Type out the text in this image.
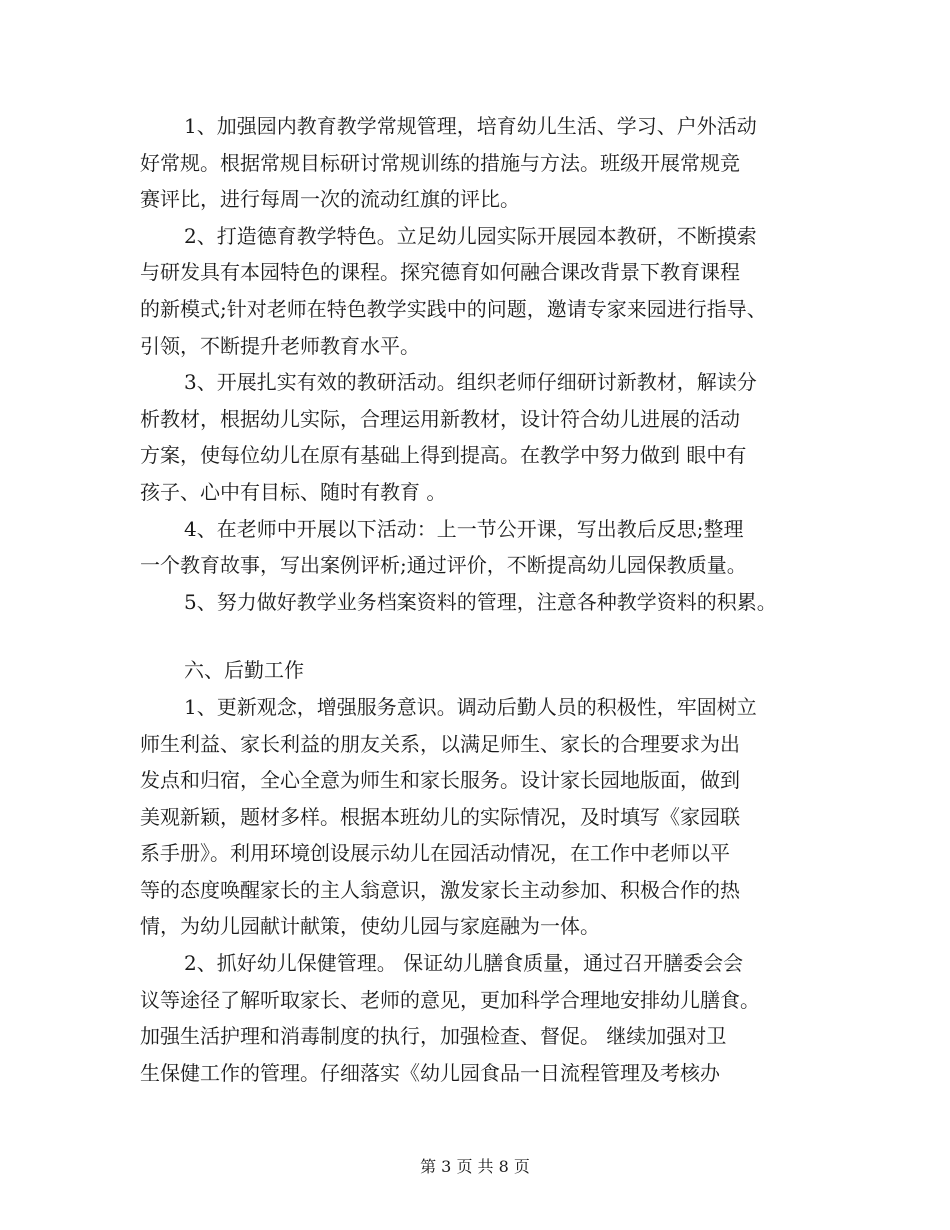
1、加强园内教育教学常规管理，培育幼儿生活、学习、户外活动
好常规。根据常规目标研讨常规训练的措施与方法。班级开展常规竞
赛评比，进行每周一次的流动红旗的评比。
2、打造德育教学特色。立足幼儿园实际开展园本教研，不断摸索
与研发具有本园特色的课程。探究德育如何融合课改背景下教育课程
的新模式;针对老师在特色教学实践中的问题，邀请专家来园进行指导、
引领，不断提升老师教育水平。
3、开展扎实有效的教研活动。组织老师仔细研讨新教材，解读分
析教材，根据幼儿实际，合理运用新教材，设计符合幼儿进展的活动
方案，使每位幼儿在原有基础上得到提高。在教学中努力做到 眼中有
孩子、心中有目标、随时有教育 。
4、在老师中开展以下活动：上一节公开课，写出教后反思;整理
一个教育故事，写出案例评析;通过评价，不断提高幼儿园保教质量。
5、努力做好教学业务档案资料的管理，注意各种教学资料的积累。
六、后勤工作
1、更新观念，增强服务意识。调动后勤人员的积极性，牢固树立
师生利益、家长利益的朋友关系，以满足师生、家长的合理要求为出
发点和归宿，全心全意为师生和家长服务。设计家长园地版面，做到
美观新颖，题材多样。根据本班幼儿的实际情况，及时填写《家园联
系手册》。利用环境创设展示幼儿在园活动情况，在工作中老师以平
等的态度唤醒家长的主人翁意识，激发家长主动参加、积极合作的热
情，为幼儿园献计献策，使幼儿园与家庭融为一体。
2、抓好幼儿保健管理。 保证幼儿膳食质量，通过召开膳委会会
议等途径了解听取家长、老师的意见，更加科学合理地安排幼儿膳食。
加强生活护理和消毒制度的执行，加强检查、督促。 继续加强对卫
生保健工作的管理。仔细落实《幼儿园食品一日流程管理及考核办
第 3 页 共 8 页
